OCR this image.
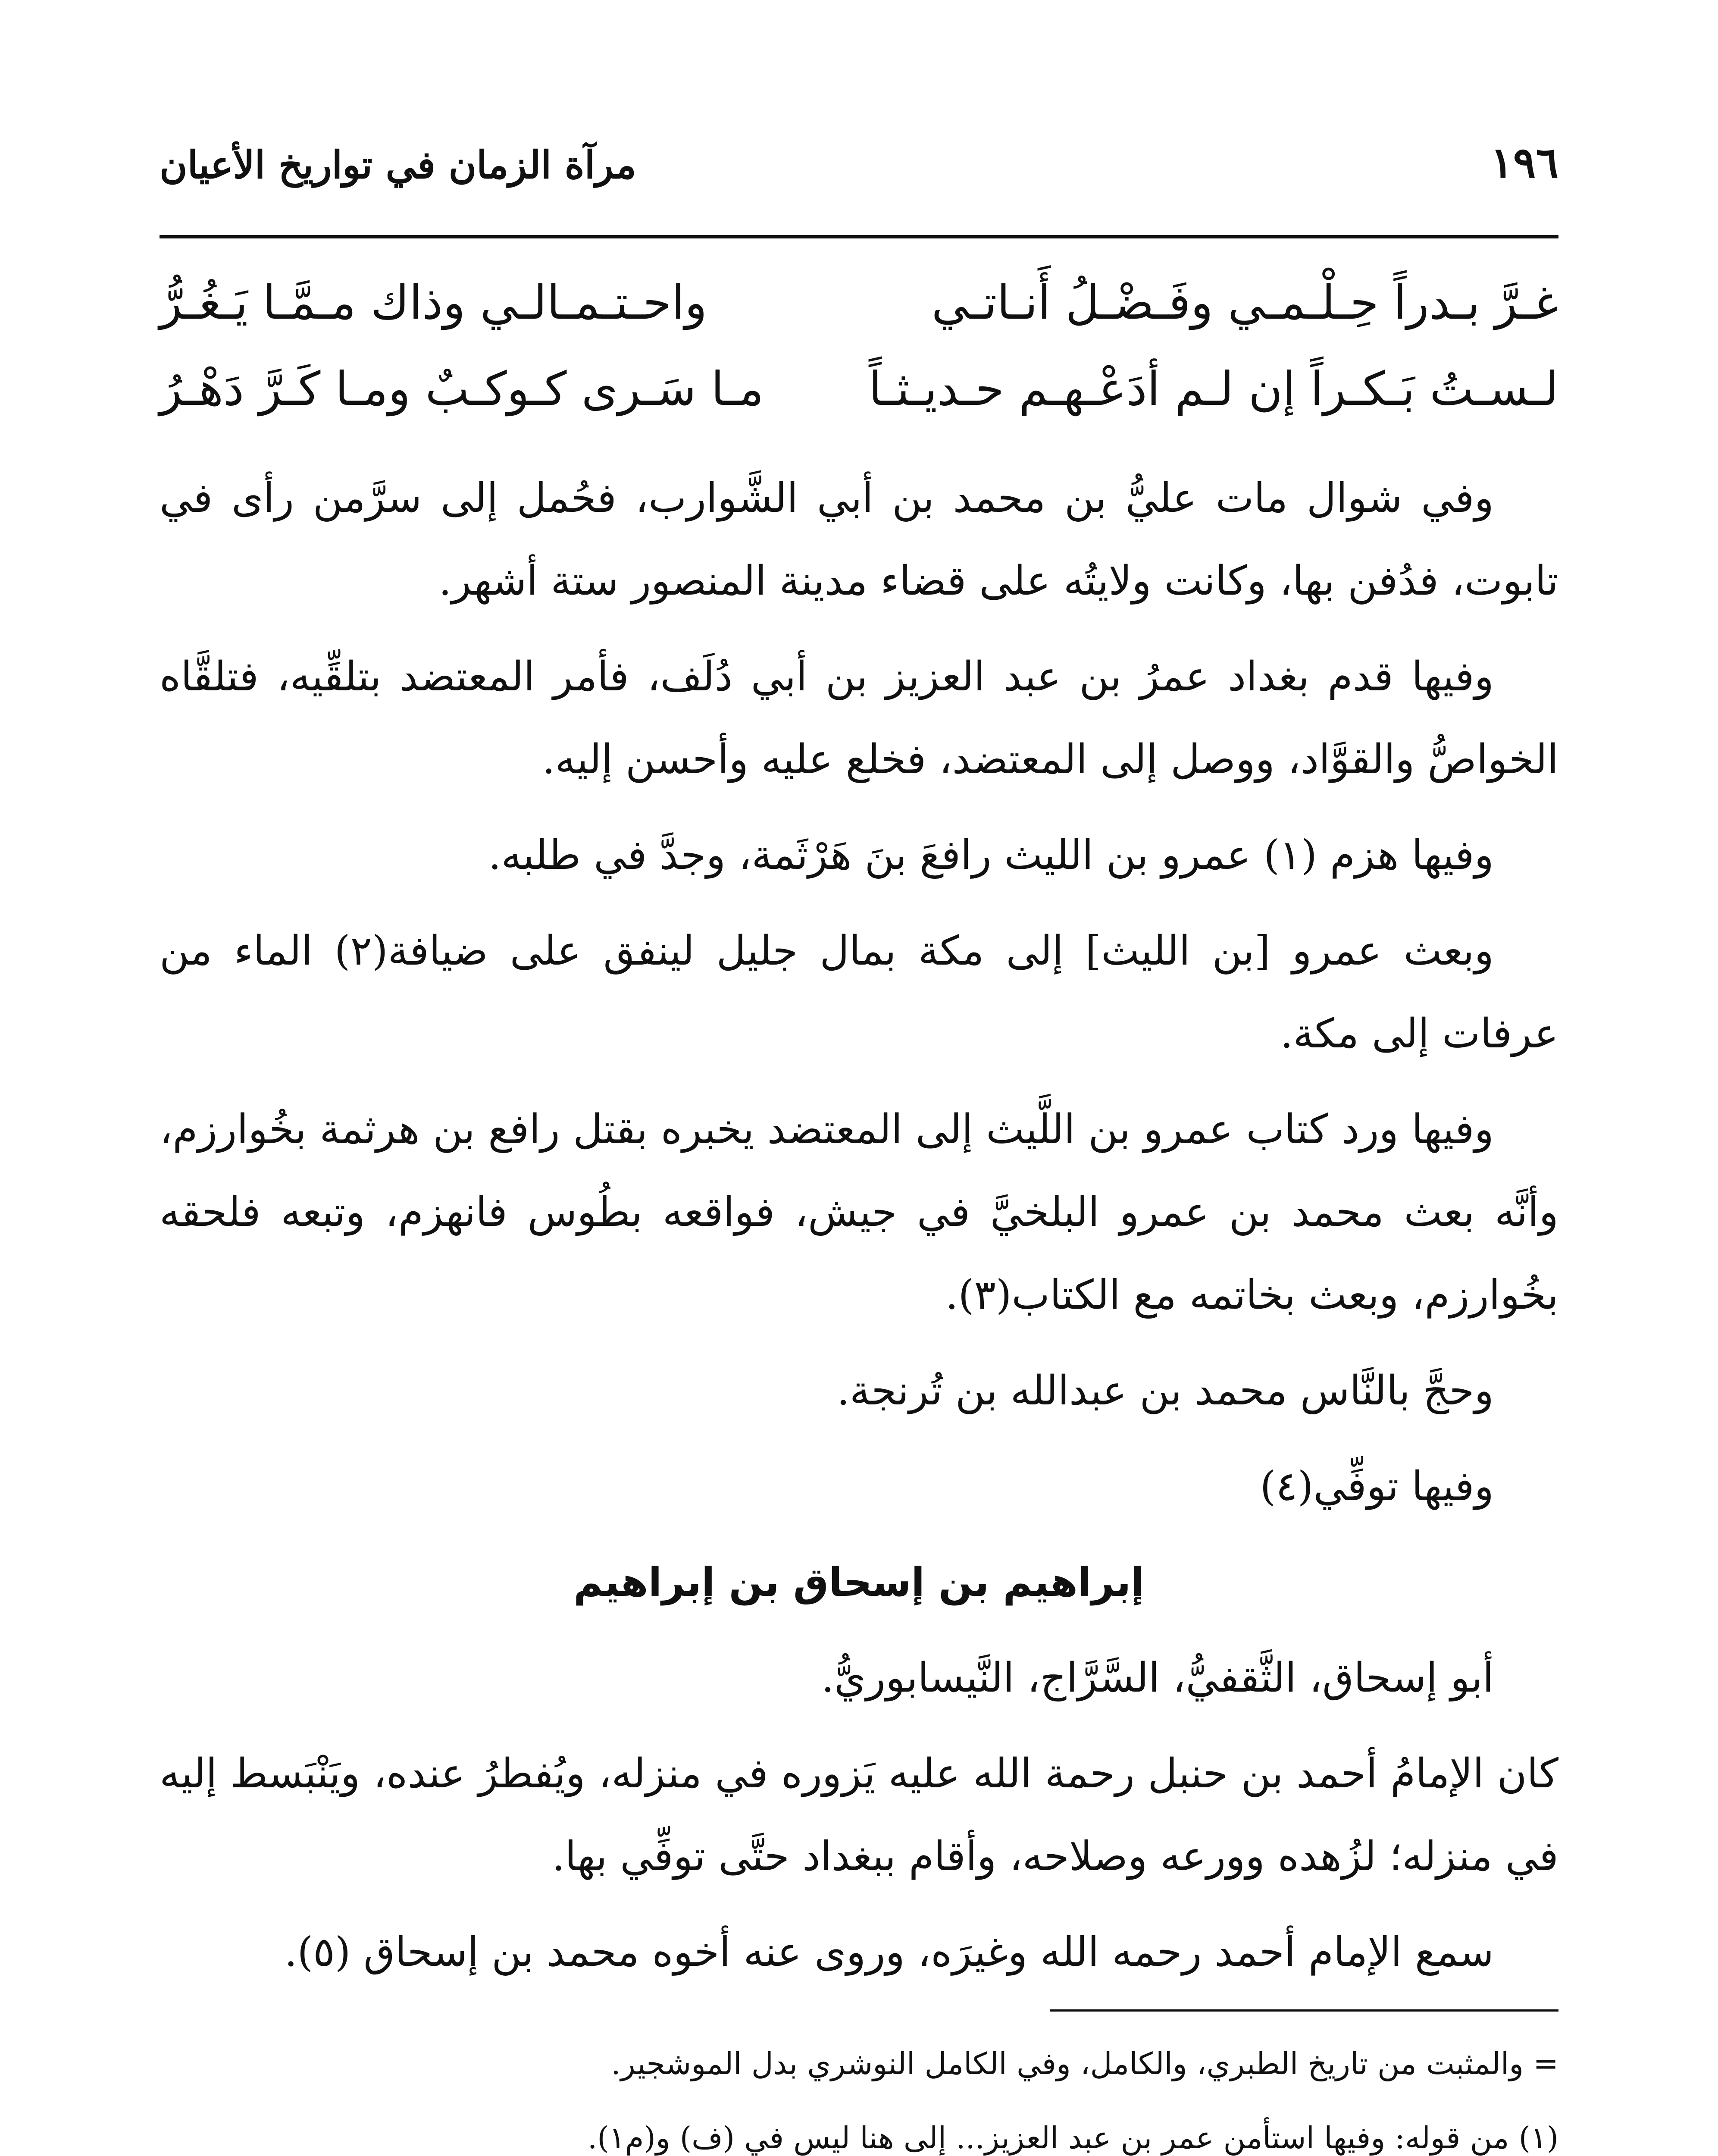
١٩٦
مرآة الزمان في تواريخ الأعيان
غـرَّ بـدراً حِـلْـمـي وفَـضْـلُ أَنـاتـي
واحـتـمـالـي وذاك مـمَّـا يَـغُـرُّ
لـسـتُ بَـكـراً إن لـم أدَعْـهـم حـديـثـاً
مـا سَـرى كـوكـبٌ ومـا كَـرَّ دَهْـرُ

وفي شوال مات عليُّ بن محمد بن أبي الشَّوارب، فحُمل إلى سرَّمن رأى في تابوت، فدُفن بها، وكانت ولايتُه على قضاء مدينة المنصور ستة أشهر.

وفيها قدم بغداد عمرُ بن عبد العزيز بن أبي دُلَف، فأمر المعتضد بتلقِّيه، فتلقَّاه الخواصُّ والقوَّاد، ووصل إلى المعتضد، فخلع عليه وأحسن إليه.

وفيها هزم (١) عمرو بن الليث رافعَ بنَ هَرْثَمة، وجدَّ في طلبه.

وبعث عمرو [بن الليث] إلى مكة بمال جليل لينفق على ضيافة(٢) الماء من عرفات إلى مكة.

وفيها ورد كتاب عمرو بن اللَّيث إلى المعتضد يخبره بقتل رافع بن هرثمة بخُوارزم، وأنَّه بعث محمد بن عمرو البلخيَّ في جيش، فواقعه بطُوس فانهزم، وتبعه فلحقه بخُوارزم، وبعث بخاتمه مع الكتاب(٣).

وحجَّ بالنَّاس محمد بن عبدالله بن تُرنجة.

وفيها توفِّي(٤)

إبراهيم بن إسحاق بن إبراهيم

أبو إسحاق، الثَّقفيُّ، السَّرَّاج، النَّيسابوريُّ.

كان الإمامُ أحمد بن حنبل رحمة الله عليه يَزوره في منزله، ويُفطرُ عنده، ويَنْبَسط إليه في منزله؛ لزُهده وورعه وصلاحه، وأقام ببغداد حتَّى توفِّي بها.

سمع الإمام أحمد رحمه الله وغيرَه، وروى عنه أخوه محمد بن إسحاق (٥).

= والمثبت من تاريخ الطبري، والكامل، وفي الكامل النوشري بدل الموشجير.

(١) من قوله: وفيها استأمن عمر بن عبد العزيز... إلى هنا ليس في (ف) و(م١).
